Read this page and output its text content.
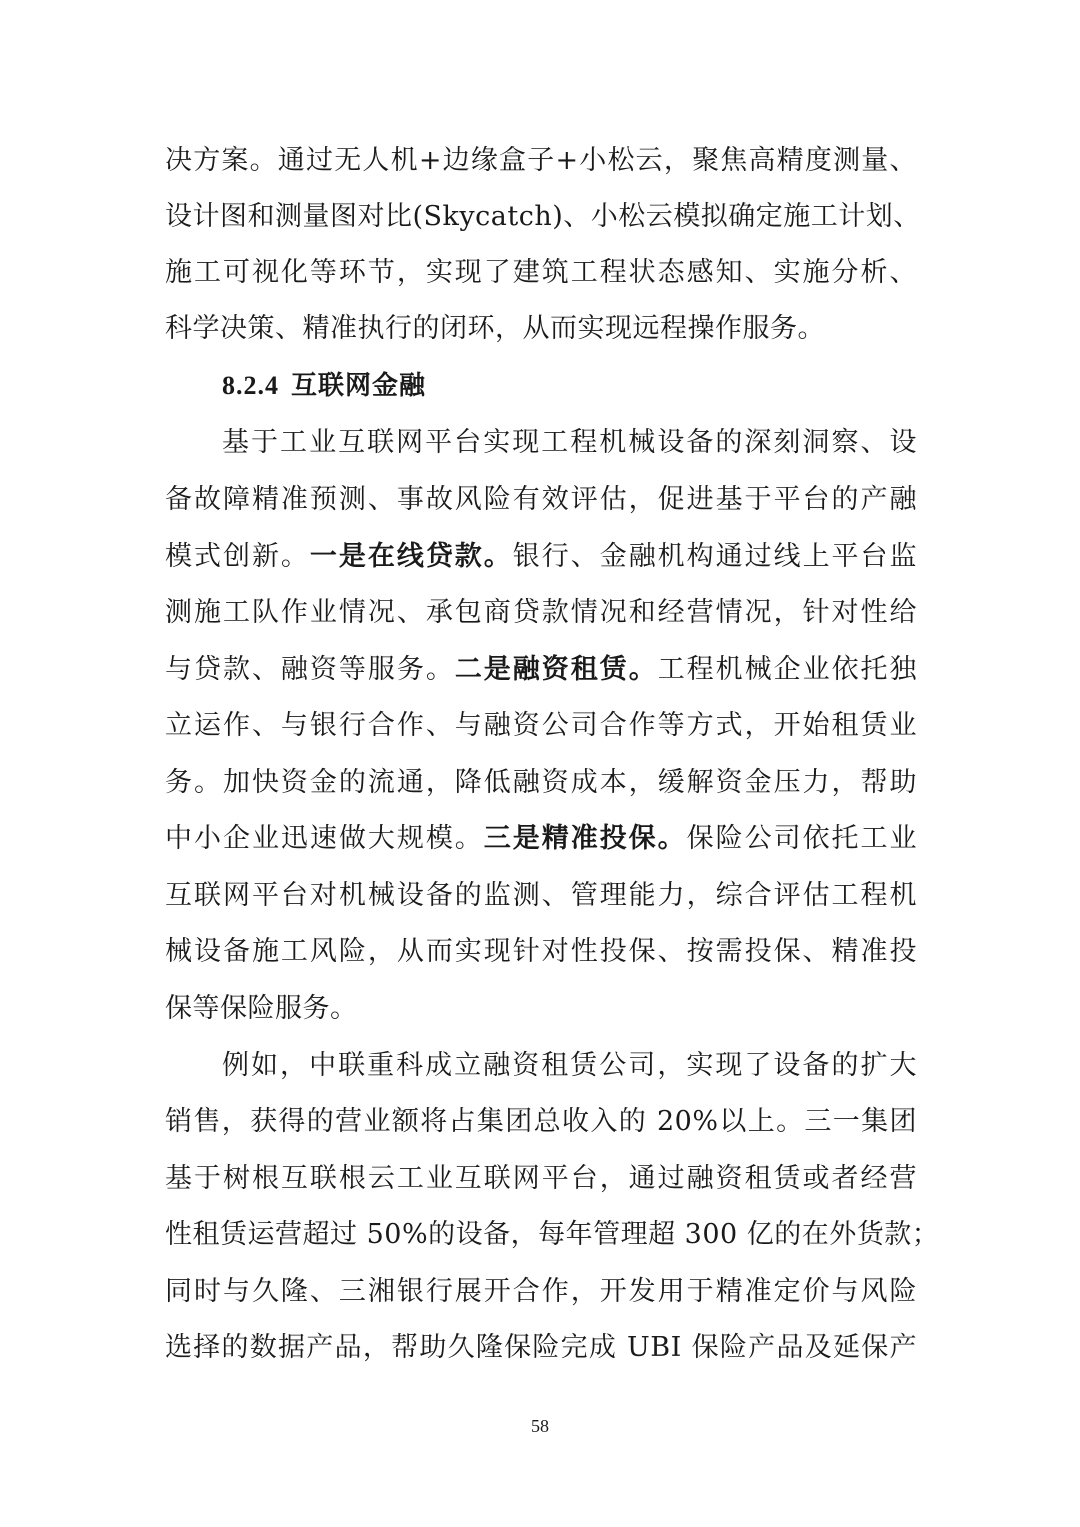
决方案。通过无人机+边缘盒子+小松云，聚焦高精度测量、
设计图和测量图对比(Skycatch)、小松云模拟确定施工计划、
施工可视化等环节，实现了建筑工程状态感知、实施分析、
科学决策、精准执行的闭环，从而实现远程操作服务。
8.2.4 互联网金融
基于工业互联网平台实现工程机械设备的深刻洞察、设
备故障精准预测、事故风险有效评估，促进基于平台的产融
模式创新。一是在线贷款。银行、金融机构通过线上平台监
测施工队作业情况、承包商贷款情况和经营情况，针对性给
与贷款、融资等服务。二是融资租赁。工程机械企业依托独
立运作、与银行合作、与融资公司合作等方式，开始租赁业
务。加快资金的流通，降低融资成本，缓解资金压力，帮助
中小企业迅速做大规模。三是精准投保。保险公司依托工业
互联网平台对机械设备的监测、管理能力，综合评估工程机
械设备施工风险，从而实现针对性投保、按需投保、精准投
保等保险服务。
例如，中联重科成立融资租赁公司，实现了设备的扩大
销售，获得的营业额将占集团总收入的 20%以上。三一集团
基于树根互联根云工业互联网平台，通过融资租赁或者经营
性租赁运营超过 50%的设备，每年管理超 300 亿的在外货款；
同时与久隆、三湘银行展开合作，开发用于精准定价与风险
选择的数据产品，帮助久隆保险完成 UBI 保险产品及延保产
58
